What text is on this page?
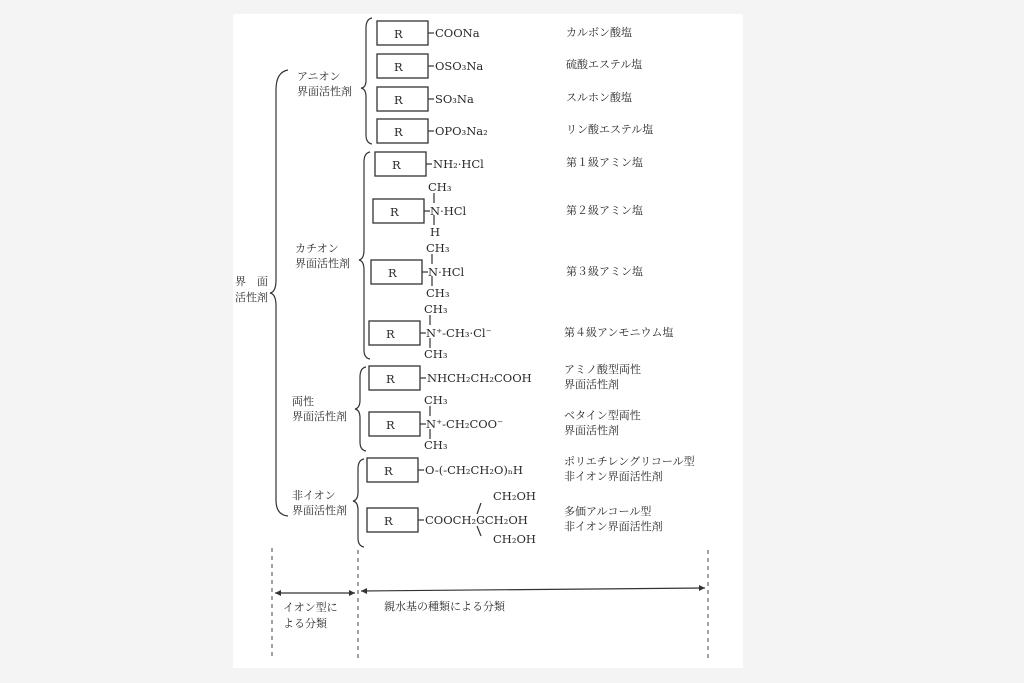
界　面
活性剤
アニオン
界面活性剤
カチオン
界面活性剤
両性
界面活性剤
非イオン
界面活性剤
R
R
R
R
R
R
R
R
R
R
R
R
COONa
OSO₃Na
SO₃Na
OPO₃Na₂
NH₂·HCl
CH₃
N·HCl
H
CH₃
N·HCl
CH₃
CH₃
N⁺-CH₃·Cl⁻
CH₃
NHCH₂CH₂COOH
CH₃
N⁺-CH₂COO⁻
CH₃
O-(-CH₂CH₂O)ₙH
CH₂OH
COOCH₂C
-CH₂OH
CH₂OH
カルボン酸塩
硫酸エステル塩
スルホン酸塩
リン酸エステル塩
第１級アミン塩
第２級アミン塩
第３級アミン塩
第４級アンモニウム塩
アミノ酸型両性
界面活性剤
ベタイン型両性
界面活性剤
ポリエチレングリコール型
非イオン界面活性剤
多価アルコール型
非イオン界面活性剤
イオン型に
よる分類
親水基の種類による分類
